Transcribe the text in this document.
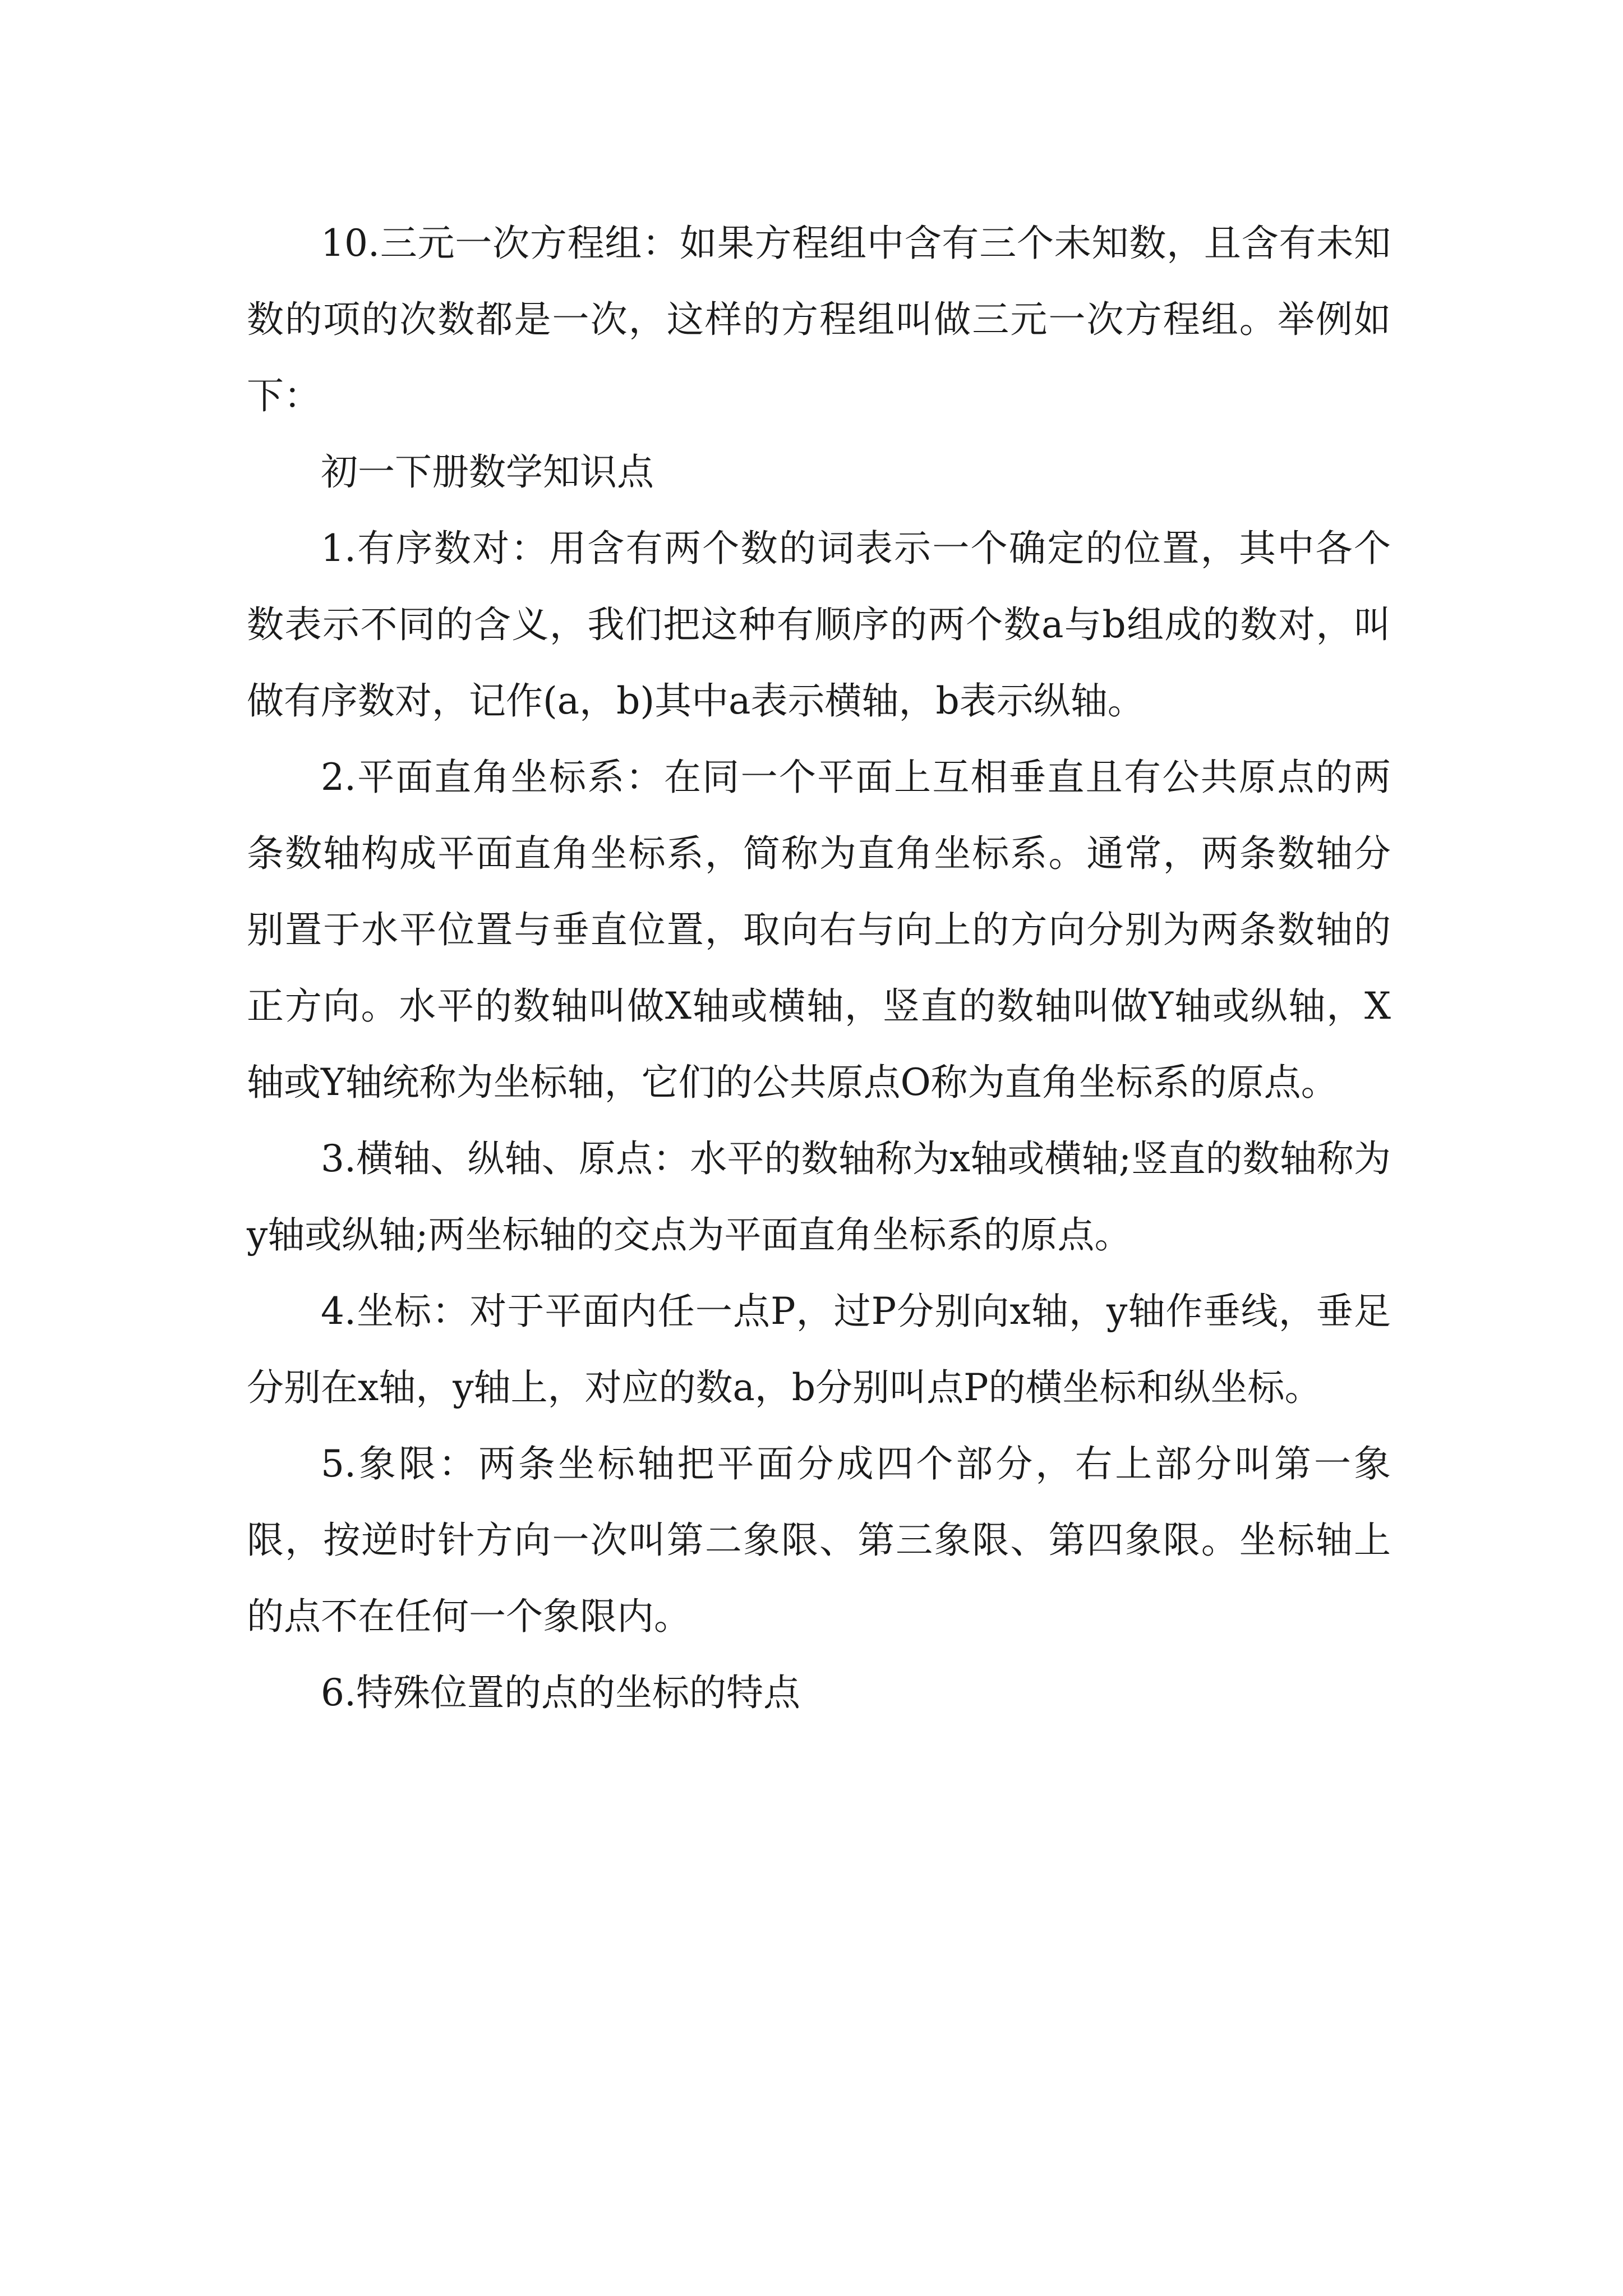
10.三元一次方程组：如果方程组中含有三个未知数，且含有未知数的项的次数都是一次，这样的方程组叫做三元一次方程组。举例如下：

初一下册数学知识点

1.有序数对：用含有两个数的词表示一个确定的位置，其中各个数表示不同的含义，我们把这种有顺序的两个数a与b组成的数对，叫做有序数对，记作(a，b)其中a表示横轴，b表示纵轴。

2.平面直角坐标系：在同一个平面上互相垂直且有公共原点的两条数轴构成平面直角坐标系，简称为直角坐标系。通常，两条数轴分别置于水平位置与垂直位置，取向右与向上的方向分别为两条数轴的正方向。水平的数轴叫做X轴或横轴，竖直的数轴叫做Y轴或纵轴，X轴或Y轴统称为坐标轴，它们的公共原点O称为直角坐标系的原点。

3.横轴、纵轴、原点：水平的数轴称为x轴或横轴;竖直的数轴称为y轴或纵轴;两坐标轴的交点为平面直角坐标系的原点。

4.坐标：对于平面内任一点P，过P分别向x轴，y轴作垂线，垂足分别在x轴，y轴上，对应的数a，b分别叫点P的横坐标和纵坐标。

5.象限：两条坐标轴把平面分成四个部分，右上部分叫第一象限，按逆时针方向一次叫第二象限、第三象限、第四象限。坐标轴上的点不在任何一个象限内。

6.特殊位置的点的坐标的特点
